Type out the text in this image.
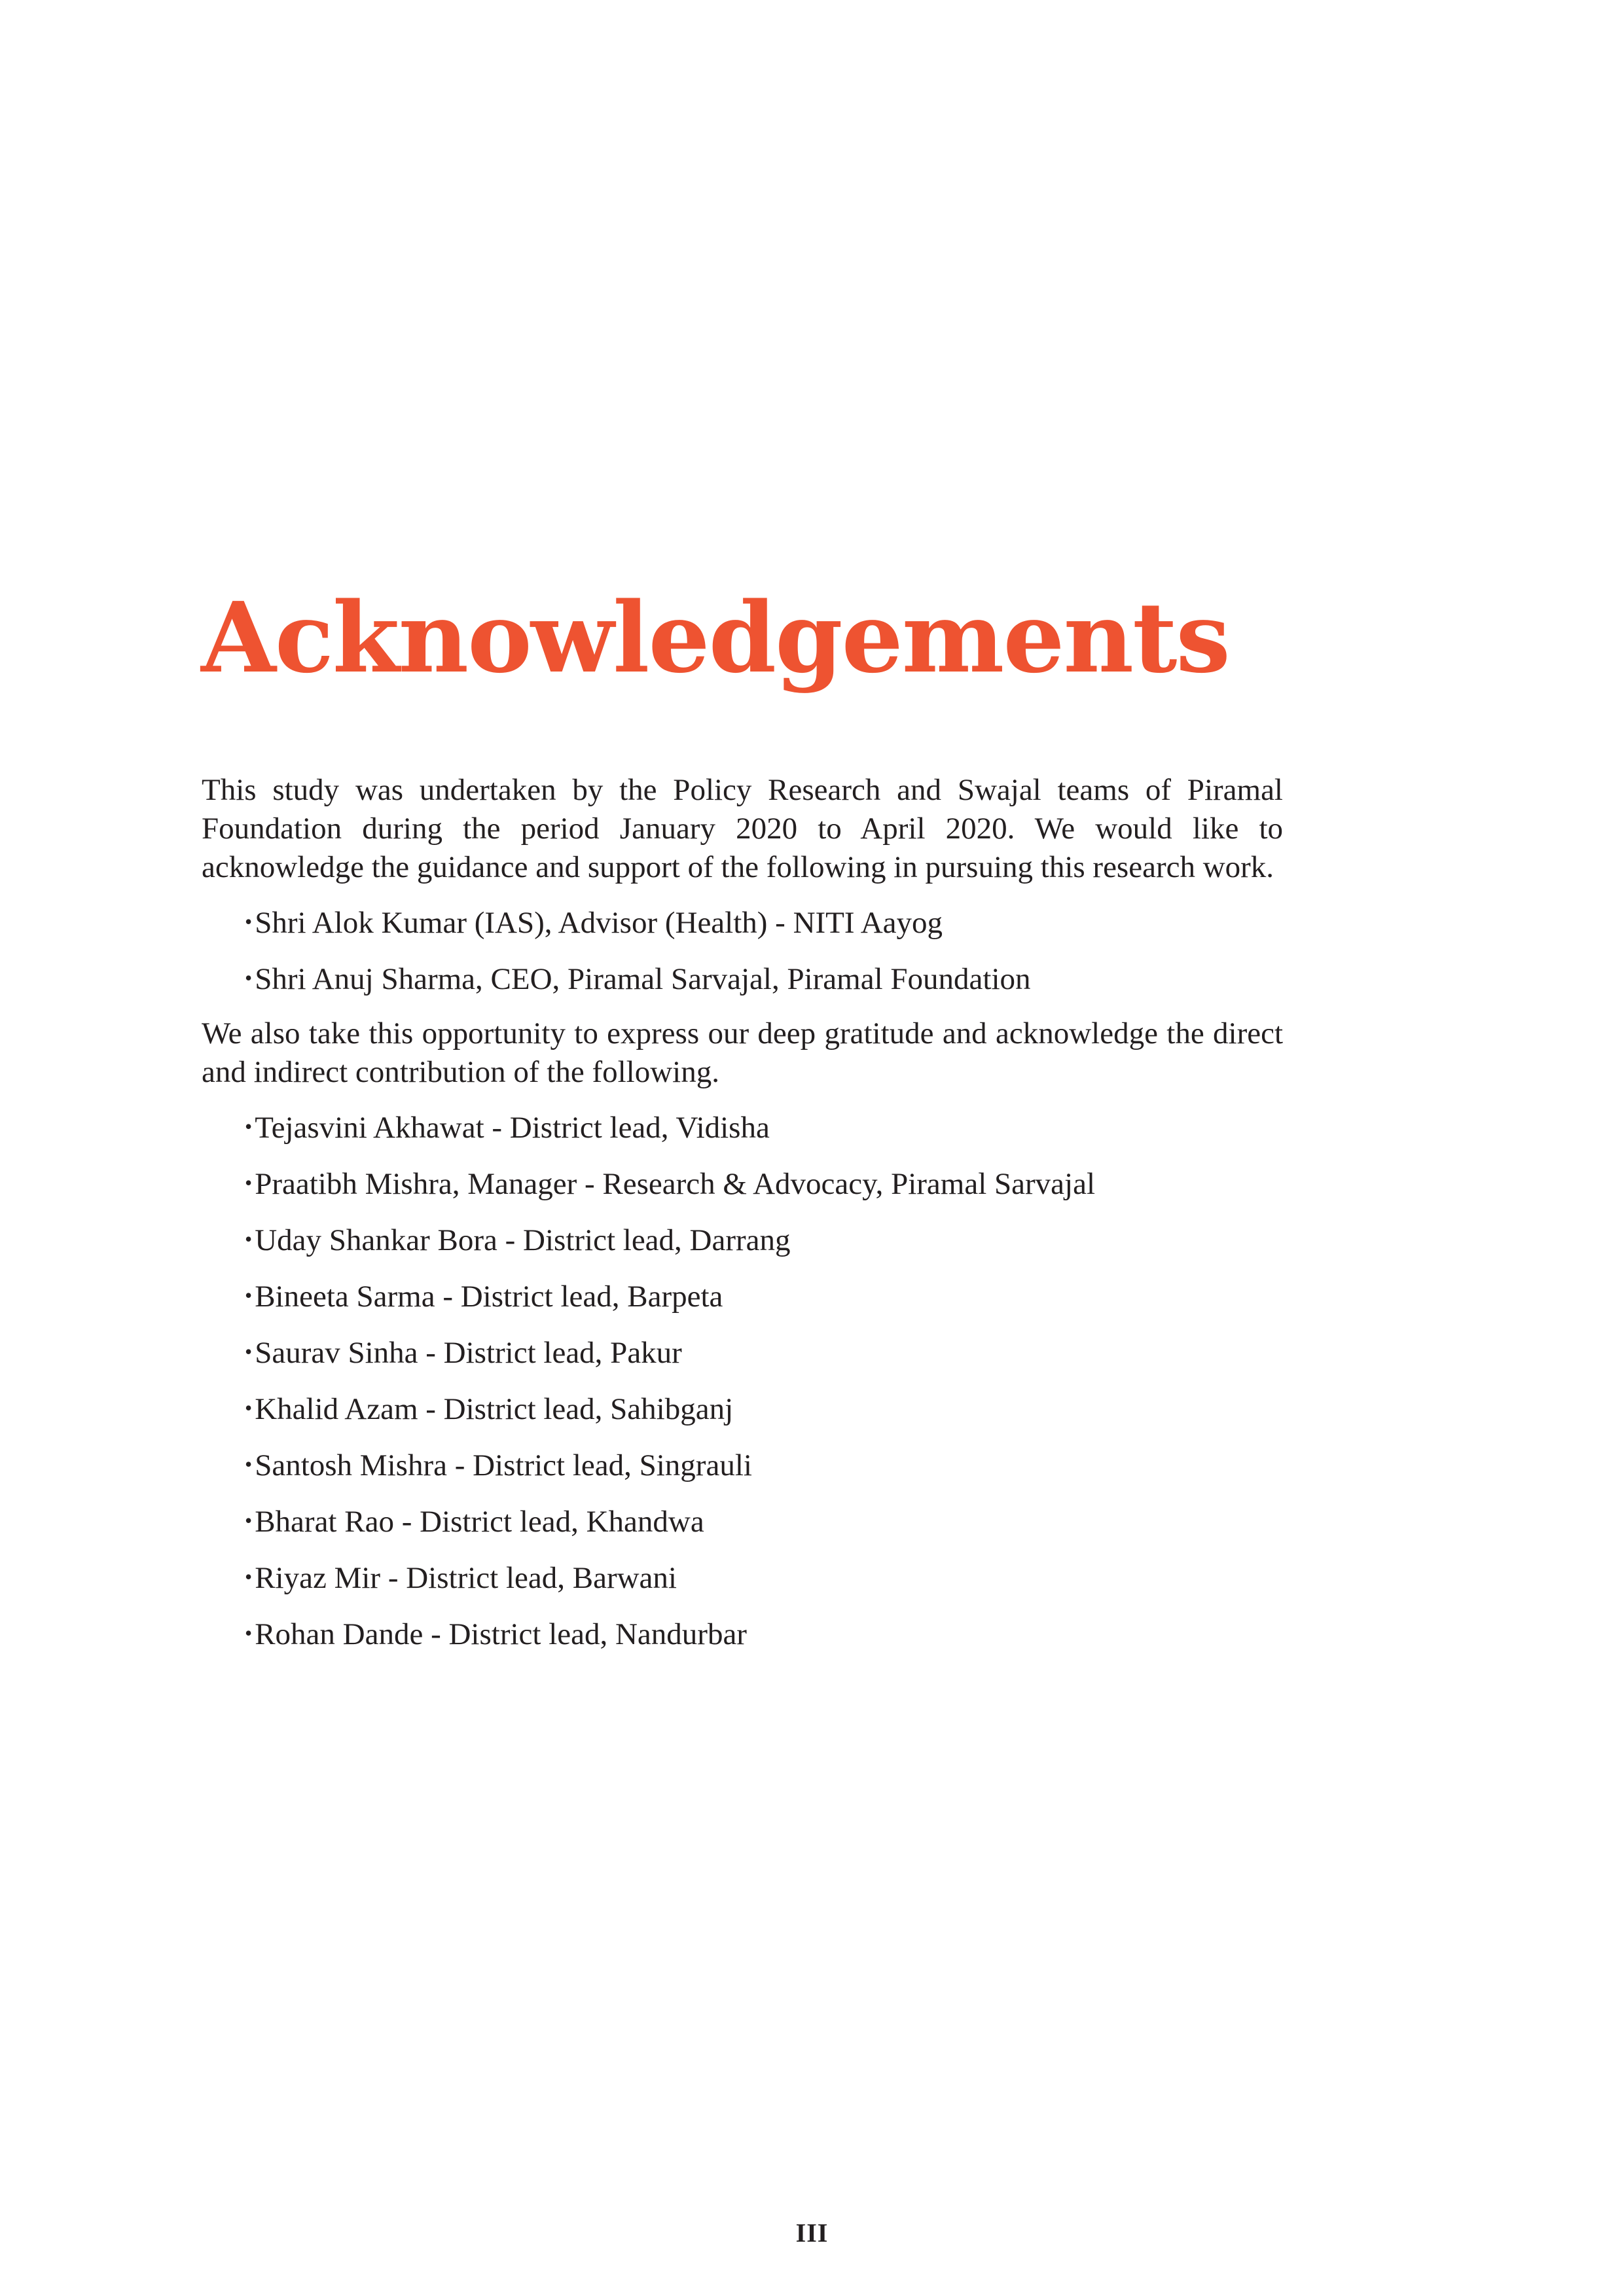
Acknowledgements

This study was undertaken by the Policy Research and Swajal teams of Piramal Foundation during the period January 2020 to April 2020. We would like to acknowledge the guidance and support of the following in pursuing this research work.

•Shri Alok Kumar (IAS), Advisor (Health) - NITI Aayog
•Shri Anuj Sharma, CEO, Piramal Sarvajal, Piramal Foundation

We also take this opportunity to express our deep gratitude and acknowledge the direct and indirect contribution of the following.

•Tejasvini Akhawat - District lead, Vidisha
•Praatibh Mishra, Manager - Research & Advocacy, Piramal Sarvajal
•Uday Shankar Bora - District lead, Darrang
•Bineeta Sarma - District lead, Barpeta
•Saurav Sinha - District lead, Pakur
•Khalid Azam - District lead, Sahibganj
•Santosh Mishra - District lead, Singrauli
•Bharat Rao - District lead, Khandwa
•Riyaz Mir - District lead, Barwani
•Rohan Dande - District lead, Nandurbar
III
